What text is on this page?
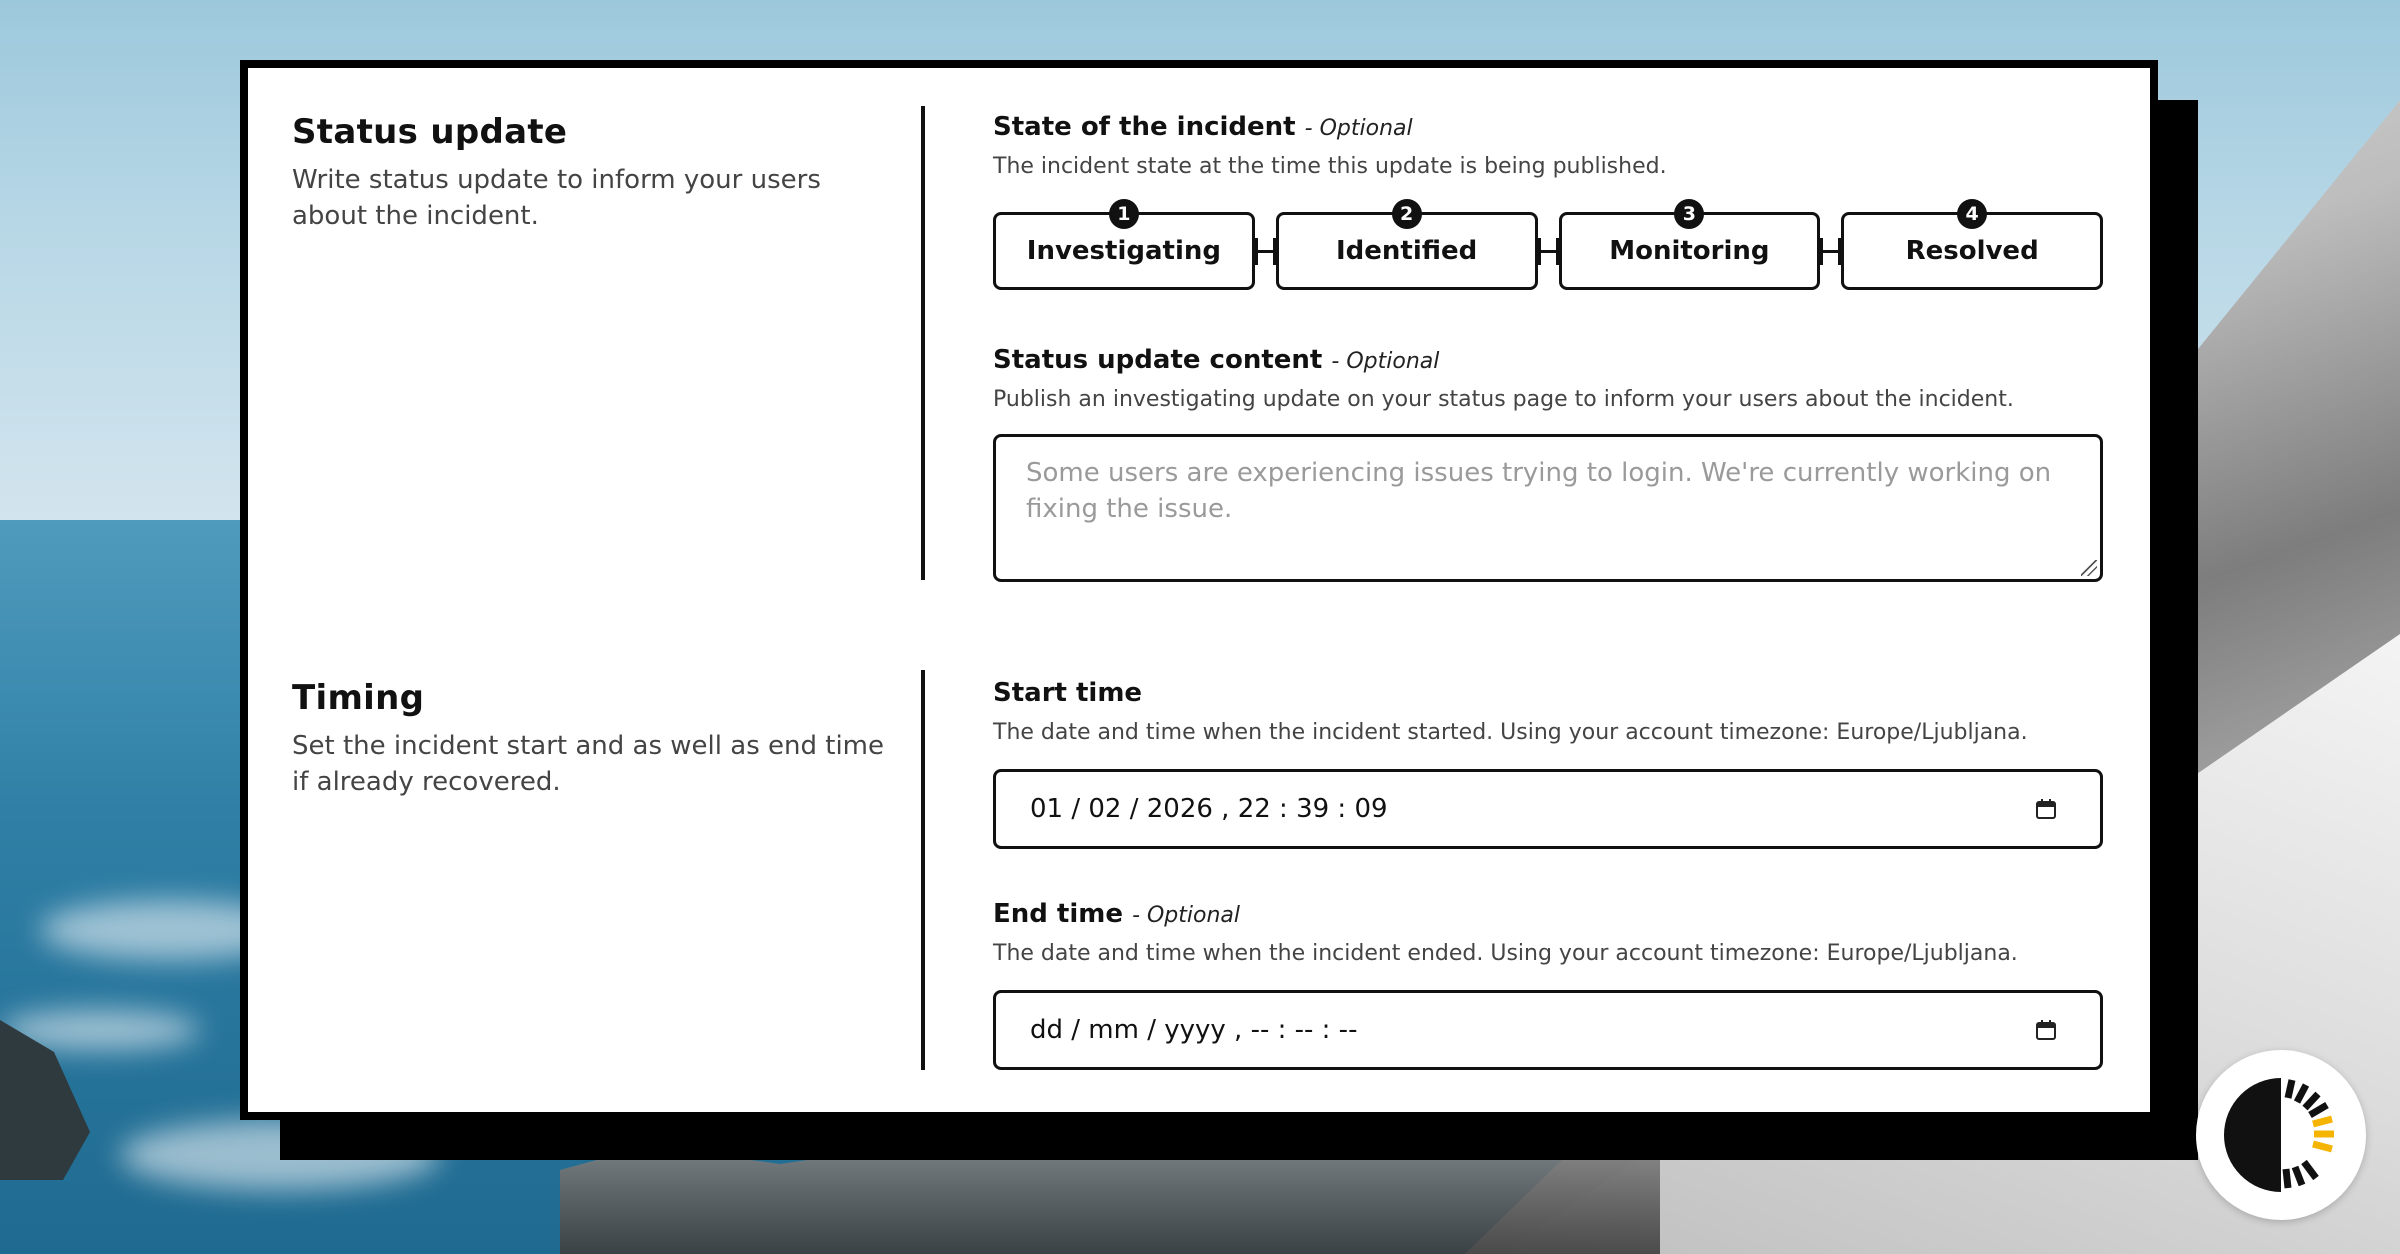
Status update
Write status update to inform your users about the incident.
State of the incident - Optional
The incident state at the time this update is being published.
1
Investigating
2
Identified
3
Monitoring
4
Resolved
Status update content - Optional
Publish an investigating update on your status page to inform your users about the incident.
Some users are experiencing issues trying to login. We're currently working on fixing the issue.
Timing
Set the incident start and as well as end time if already recovered.
Start time
The date and time when the incident started. Using your account timezone: Europe/Ljubljana.
01 / 02 / 2026 , 22 : 39 : 09
End time - Optional
The date and time when the incident ended. Using your account timezone: Europe/Ljubljana.
dd / mm / yyyy , -- : -- : --
